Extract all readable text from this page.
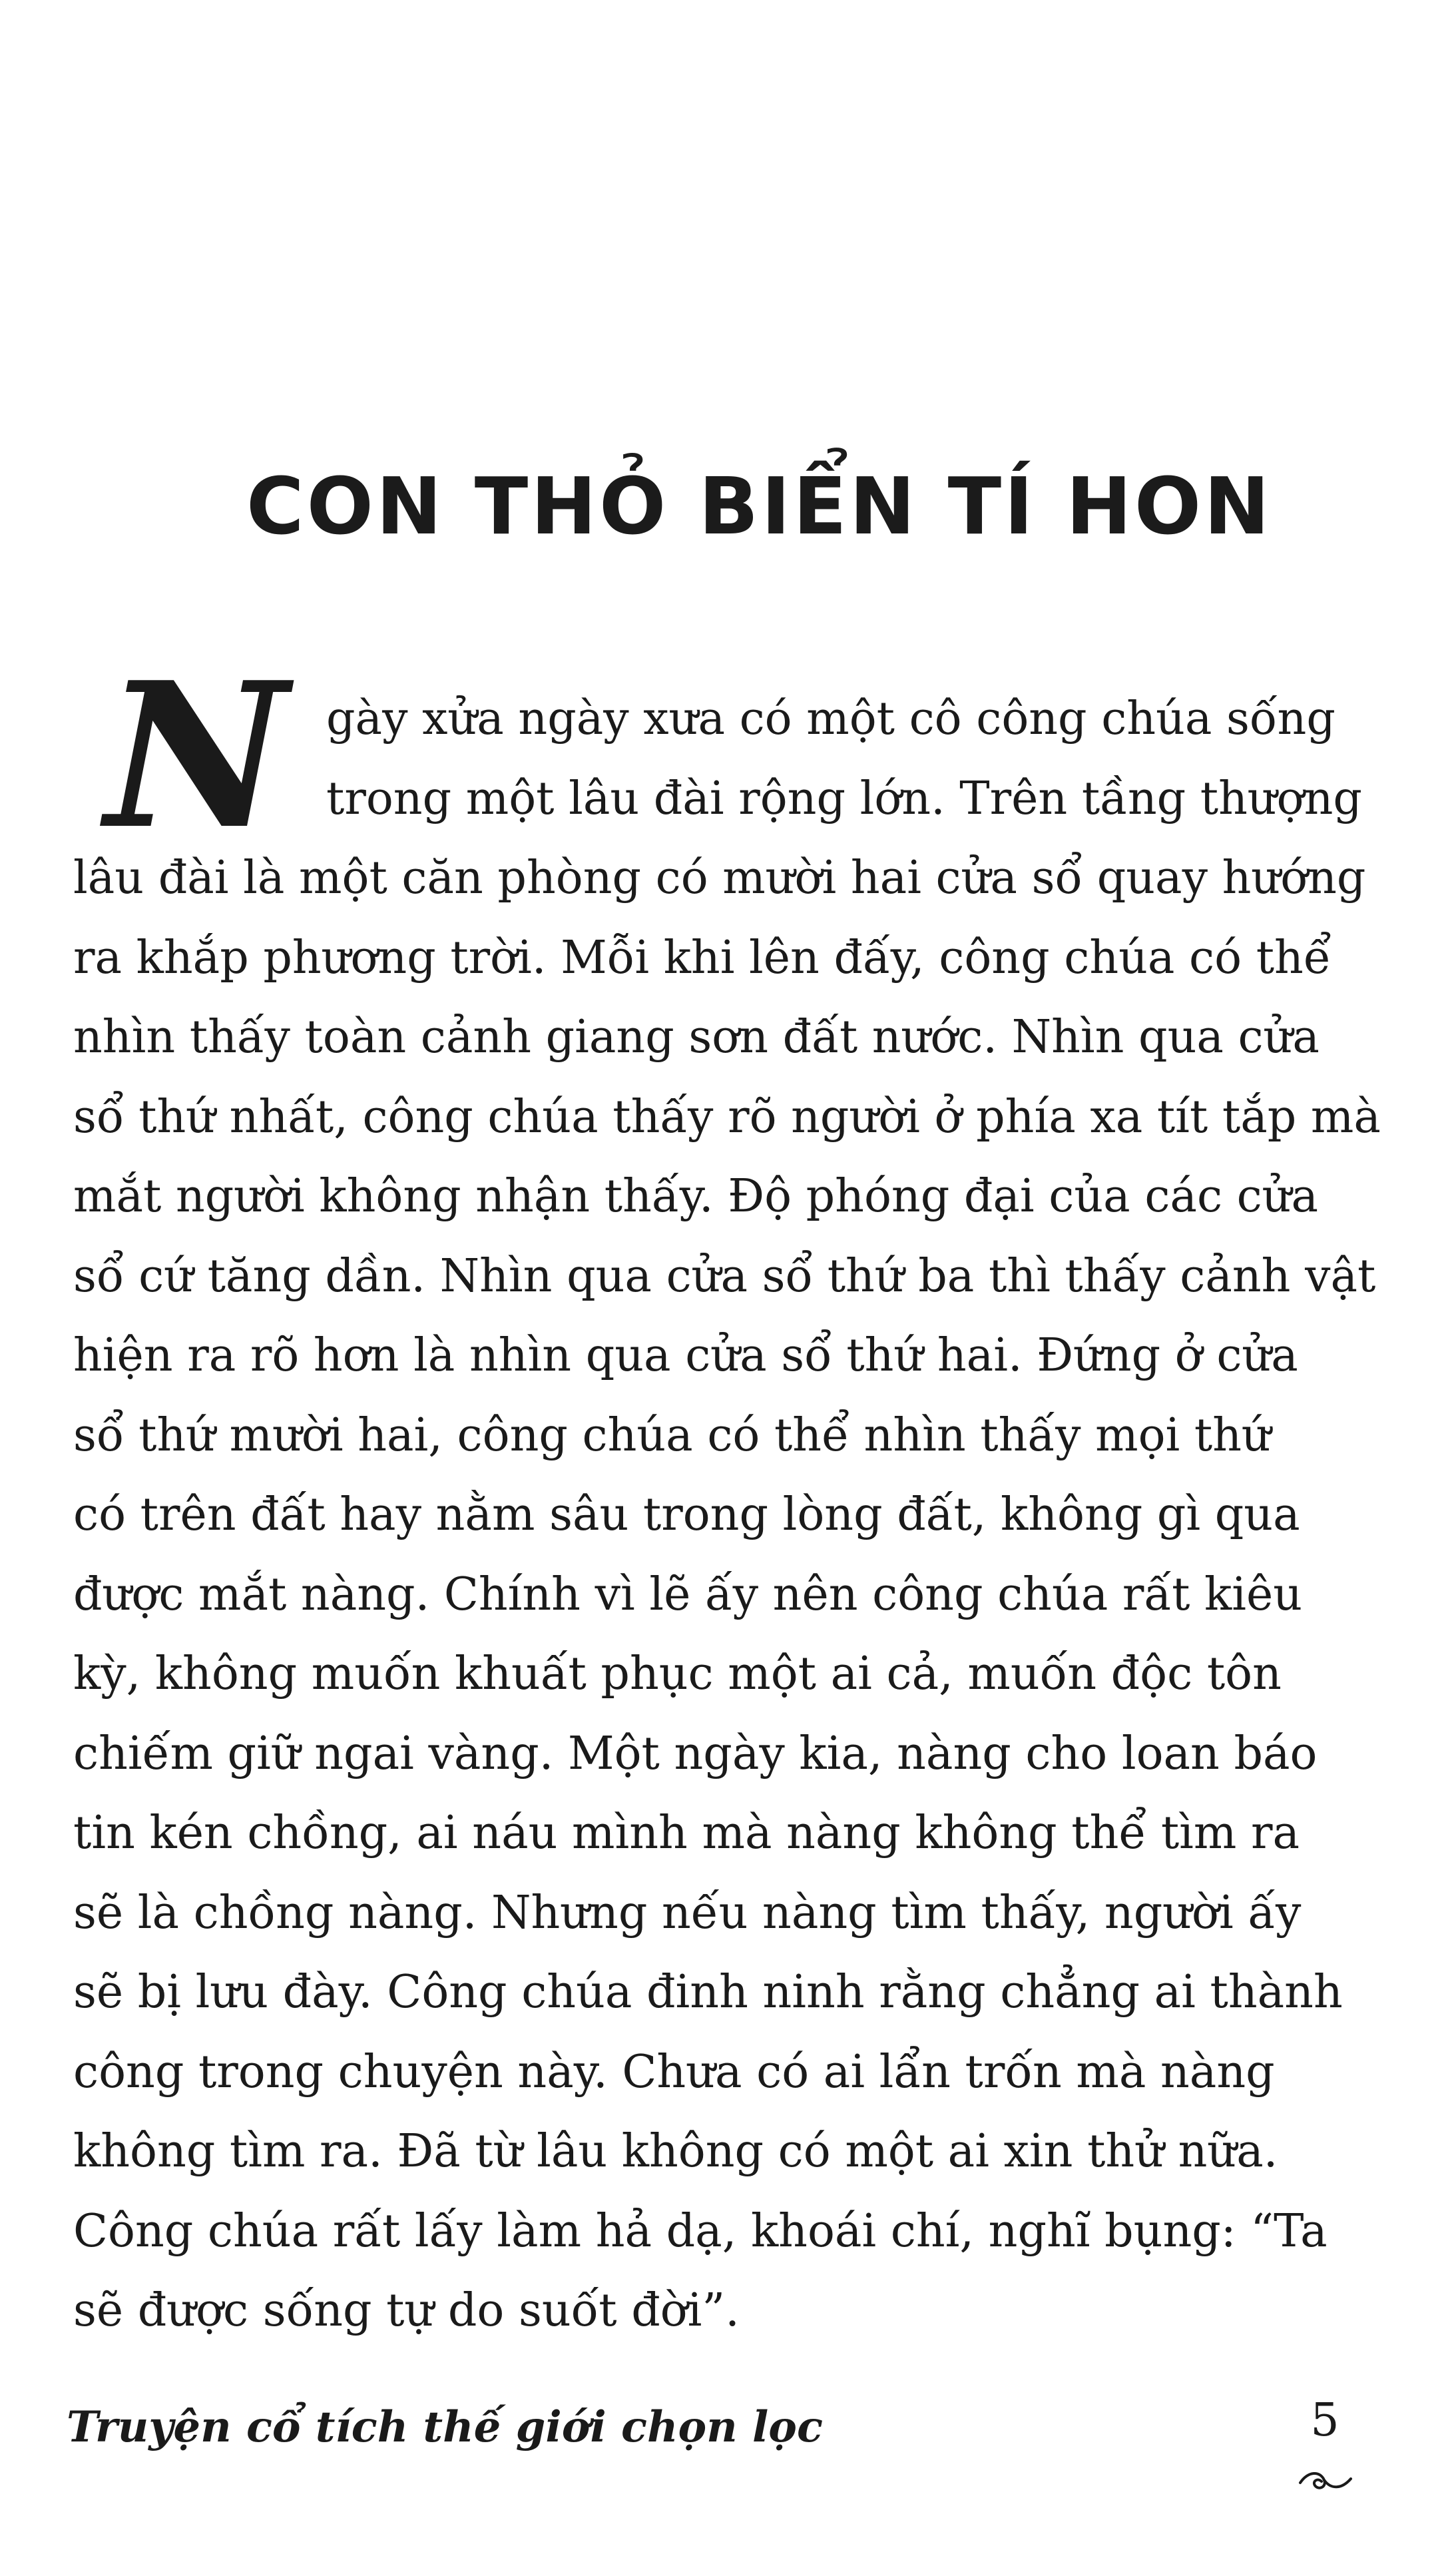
CON THỎ BIỂN TÍ HON
N gày xửa ngày xưa có một cô công chúa sống
trong một lâu đài rộng lớn. Trên tầng thượng
lâu đài là một căn phòng có mười hai cửa sổ quay hướng
ra khắp phương trời. Mỗi khi lên đấy, công chúa có thể
nhìn thấy toàn cảnh giang sơn đất nước. Nhìn qua cửa
sổ thứ nhất, công chúa thấy rõ người ở phía xa tít tắp mà
mắt người không nhận thấy. Độ phóng đại của các cửa
sổ cứ tăng dần. Nhìn qua cửa sổ thứ ba thì thấy cảnh vật
hiện ra rõ hơn là nhìn qua cửa sổ thứ hai. Đứng ở cửa
sổ thứ mười hai, công chúa có thể nhìn thấy mọi thứ
có trên đất hay nằm sâu trong lòng đất, không gì qua
được mắt nàng. Chính vì lẽ ấy nên công chúa rất kiêu
kỳ, không muốn khuất phục một ai cả, muốn độc tôn
chiếm giữ ngai vàng. Một ngày kia, nàng cho loan báo
tin kén chồng, ai náu mình mà nàng không thể tìm ra
sẽ là chồng nàng. Nhưng nếu nàng tìm thấy, người ấy
sẽ bị lưu đày. Công chúa đinh ninh rằng chẳng ai thành
công trong chuyện này. Chưa có ai lẩn trốn mà nàng
không tìm ra. Đã từ lâu không có một ai xin thử nữa.
Công chúa rất lấy làm hả dạ, khoái chí, nghĩ bụng: “Ta
sẽ được sống tự do suốt đời”.
Truyện cổ tích thế giới chọn lọc	5
